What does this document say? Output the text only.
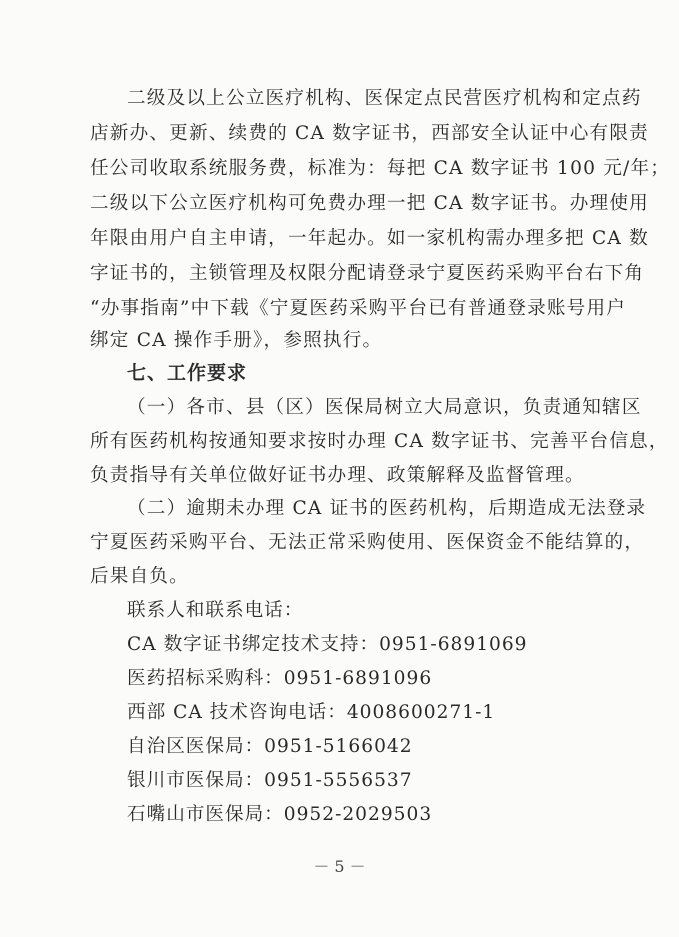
二级及以上公立医疗机构、医保定点民营医疗机构和定点药
店新办、更新、续费的 CA 数字证书，西部安全认证中心有限责
任公司收取系统服务费，标准为：每把 CA 数字证书 100 元/年；
二级以下公立医疗机构可免费办理一把 CA 数字证书。办理使用
年限由用户自主申请，一年起办。如一家机构需办理多把 CA 数
字证书的，主锁管理及权限分配请登录宁夏医药采购平台右下角
“办事指南”中下载《宁夏医药采购平台已有普通登录账号用户
绑定 CA 操作手册》，参照执行。
七、工作要求
（一）各市、县（区）医保局树立大局意识，负责通知辖区
所有医药机构按通知要求按时办理 CA 数字证书、完善平台信息，
负责指导有关单位做好证书办理、政策解释及监督管理。
（二）逾期未办理 CA 证书的医药机构，后期造成无法登录
宁夏医药采购平台、无法正常采购使用、医保资金不能结算的，
后果自负。
联系人和联系电话：
CA 数字证书绑定技术支持：0951-6891069
医药招标采购科：0951-6891096
西部 CA 技术咨询电话：4008600271-1
自治区医保局：0951-5166042
银川市医保局：0951-5556537
石嘴山市医保局：0952-2029503
－ 5 －
